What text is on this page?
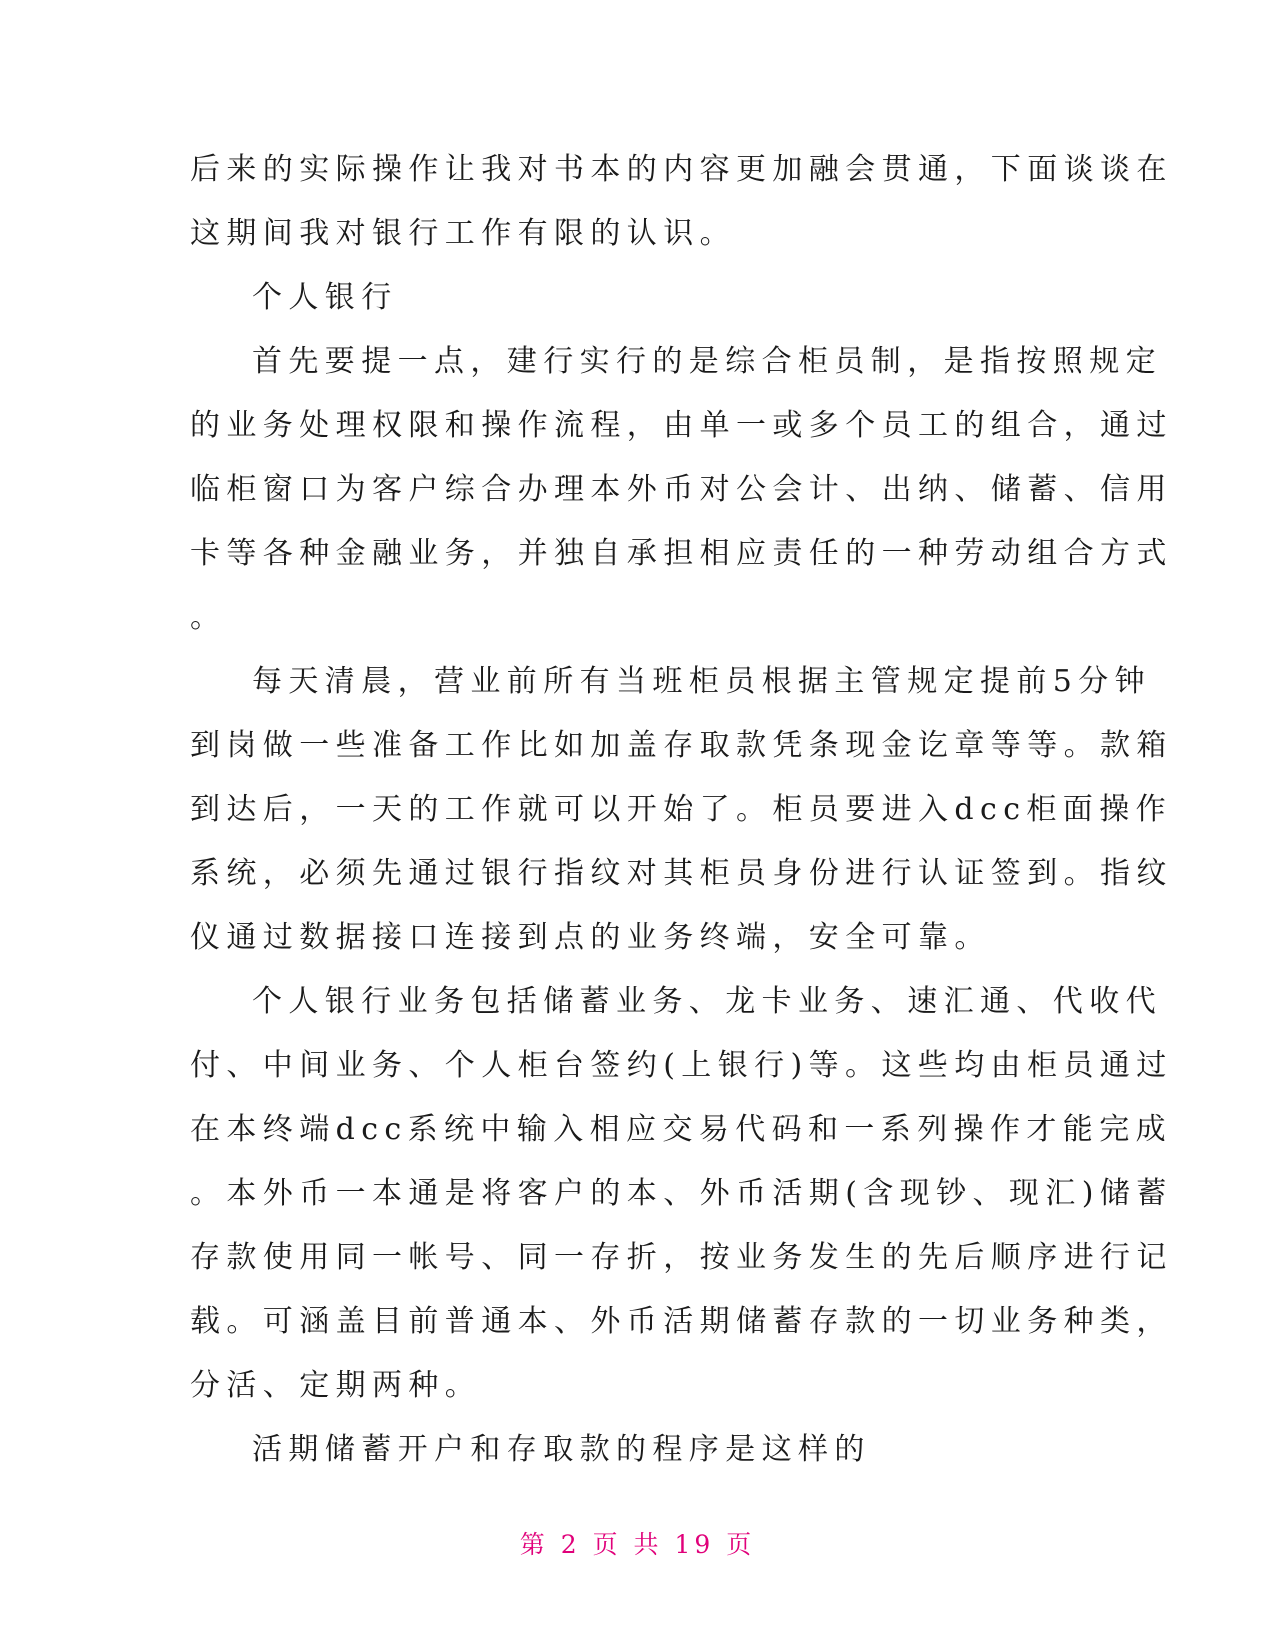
后来的实际操作让我对书本的内容更加融会贯通，下面谈谈在
这期间我对银行工作有限的认识。
个人银行
首先要提一点，建行实行的是综合柜员制，是指按照规定
的业务处理权限和操作流程，由单一或多个员工的组合，通过
临柜窗口为客户综合办理本外币对公会计、出纳、储蓄、信用
卡等各种金融业务，并独自承担相应责任的一种劳动组合方式
。
每天清晨，营业前所有当班柜员根据主管规定提前5分钟
到岗做一些准备工作比如加盖存取款凭条现金讫章等等。款箱
到达后，一天的工作就可以开始了。柜员要进入dcc柜面操作
系统，必须先通过银行指纹对其柜员身份进行认证签到。指纹
仪通过数据接口连接到点的业务终端，安全可靠。
个人银行业务包括储蓄业务、龙卡业务、速汇通、代收代
付、中间业务、个人柜台签约(上银行)等。这些均由柜员通过
在本终端dcc系统中输入相应交易代码和一系列操作才能完成
。本外币一本通是将客户的本、外币活期(含现钞、现汇)储蓄
存款使用同一帐号、同一存折，按业务发生的先后顺序进行记
载。可涵盖目前普通本、外币活期储蓄存款的一切业务种类，
分活、定期两种。
活期储蓄开户和存取款的程序是这样的
第 2 页 共 19 页
